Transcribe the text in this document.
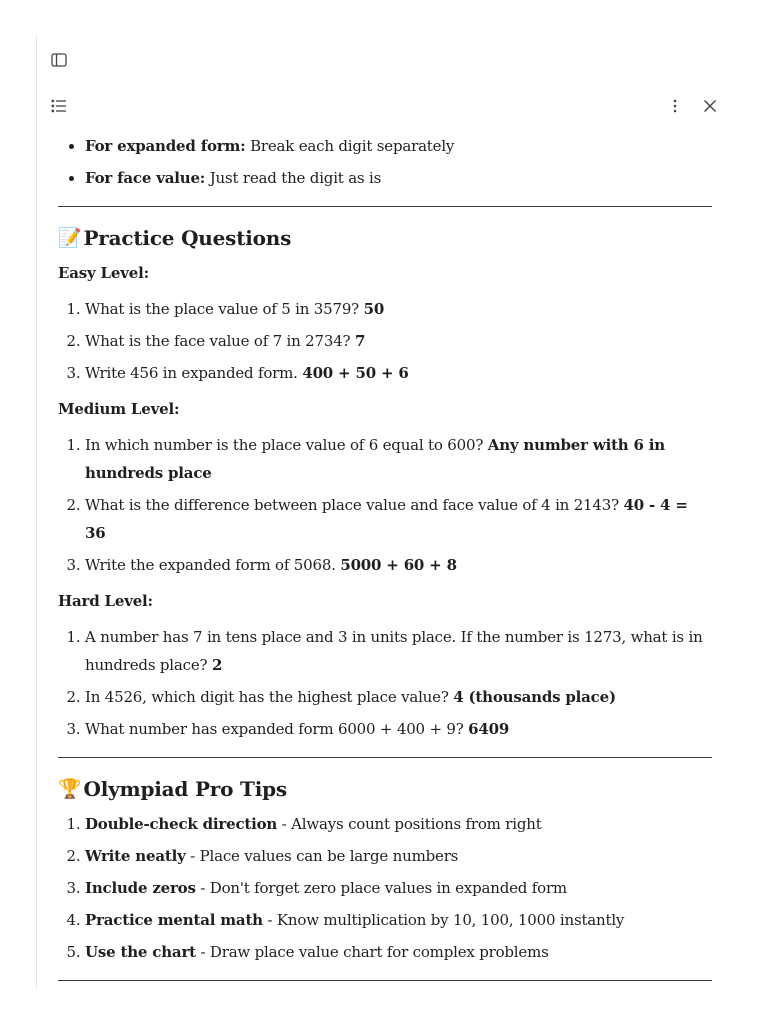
• For expanded form: Break each digit separately
• For face value: Just read the digit as is
📝 Practice Questions
Easy Level:
1. What is the place value of 5 in 3579? 50
2. What is the face value of 7 in 2734? 7
3. Write 456 in expanded form. 400 + 50 + 6
Medium Level:
1. In which number is the place value of 6 equal to 600? Any number with 6 in hundreds place
2. What is the difference between place value and face value of 4 in 2143? 40 - 4 = 36
3. Write the expanded form of 5068. 5000 + 60 + 8
Hard Level:
1. A number has 7 in tens place and 3 in units place. If the number is 1273, what is in hundreds place? 2
2. In 4526, which digit has the highest place value? 4 (thousands place)
3. What number has expanded form 6000 + 400 + 9? 6409
🏆 Olympiad Pro Tips
1. Double-check direction - Always count positions from right
2. Write neatly - Place values can be large numbers
3. Include zeros - Don't forget zero place values in expanded form
4. Practice mental math - Know multiplication by 10, 100, 1000 instantly
5. Use the chart - Draw place value chart for complex problems
